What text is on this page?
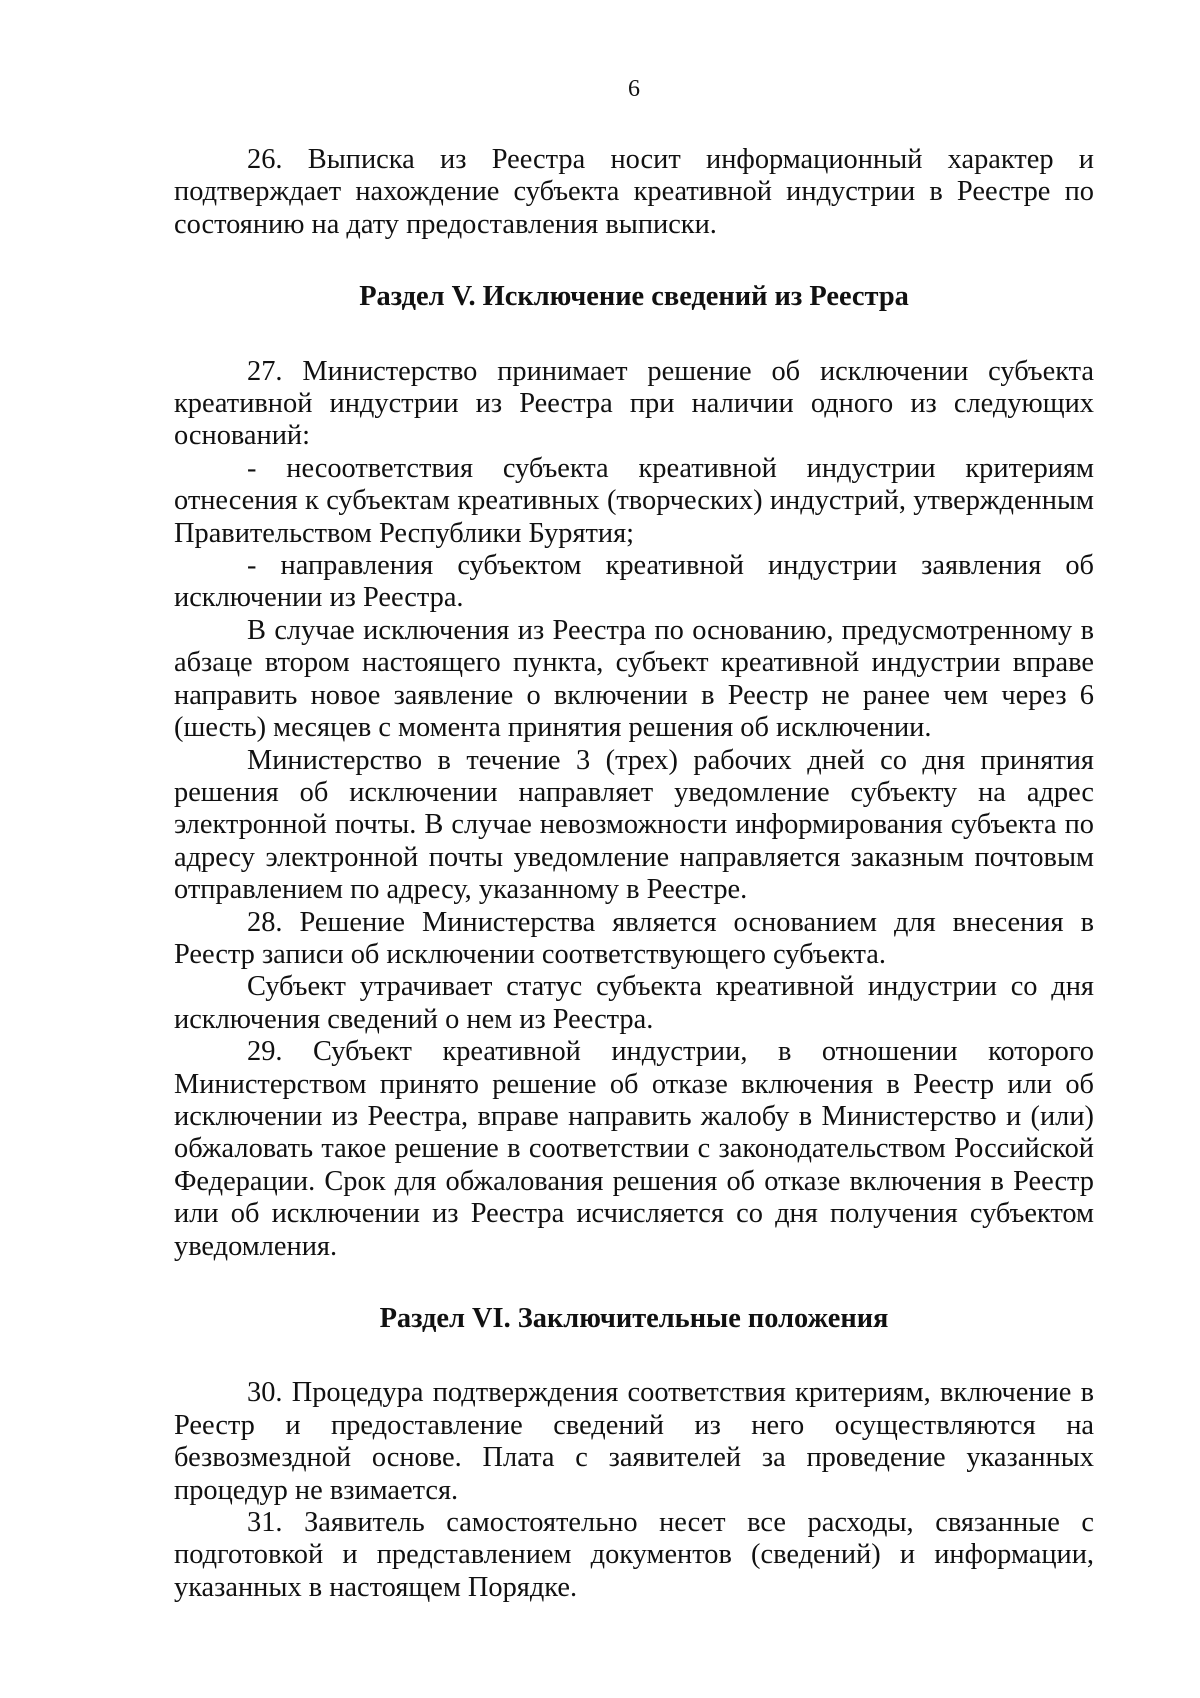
6

26. Выписка из Реестра носит информационный характер и подтверждает нахождение субъекта креативной индустрии в Реестре по состоянию на дату предоставления выписки.

Раздел V. Исключение сведений из Реестра

27. Министерство принимает решение об исключении субъекта креативной индустрии из Реестра при наличии одного из следующих оснований:

- несоответствия субъекта креативной индустрии критериям отнесения к субъектам креативных (творческих) индустрий, утвержденным Правительством Республики Бурятия;

- направления субъектом креативной индустрии заявления об исключении из Реестра.

В случае исключения из Реестра по основанию, предусмотренному в абзаце втором настоящего пункта, субъект креативной индустрии вправе направить новое заявление о включении в Реестр не ранее чем через 6 (шесть) месяцев с момента принятия решения об исключении.

Министерство в течение 3 (трех) рабочих дней со дня принятия решения об исключении направляет уведомление субъекту на адрес электронной почты. В случае невозможности информирования субъекта по адресу электронной почты уведомление направляется заказным почтовым отправлением по адресу, указанному в Реестре.

28. Решение Министерства является основанием для внесения в Реестр записи об исключении соответствующего субъекта.

Субъект утрачивает статус субъекта креативной индустрии со дня исключения сведений о нем из Реестра.

29. Субъект креативной индустрии, в отношении которого Министерством принято решение об отказе включения в Реестр или об исключении из Реестра, вправе направить жалобу в Министерство и (или) обжаловать такое решение в соответствии с законодательством Российской Федерации. Срок для обжалования решения об отказе включения в Реестр или об исключении из Реестра исчисляется со дня получения субъектом уведомления.

Раздел VI. Заключительные положения

30. Процедура подтверждения соответствия критериям, включение в Реестр и предоставление сведений из него осуществляются на безвозмездной основе. Плата с заявителей за проведение указанных процедур не взимается.

31. Заявитель самостоятельно несет все расходы, связанные с подготовкой и представлением документов (сведений) и информации, указанных в настоящем Порядке.
